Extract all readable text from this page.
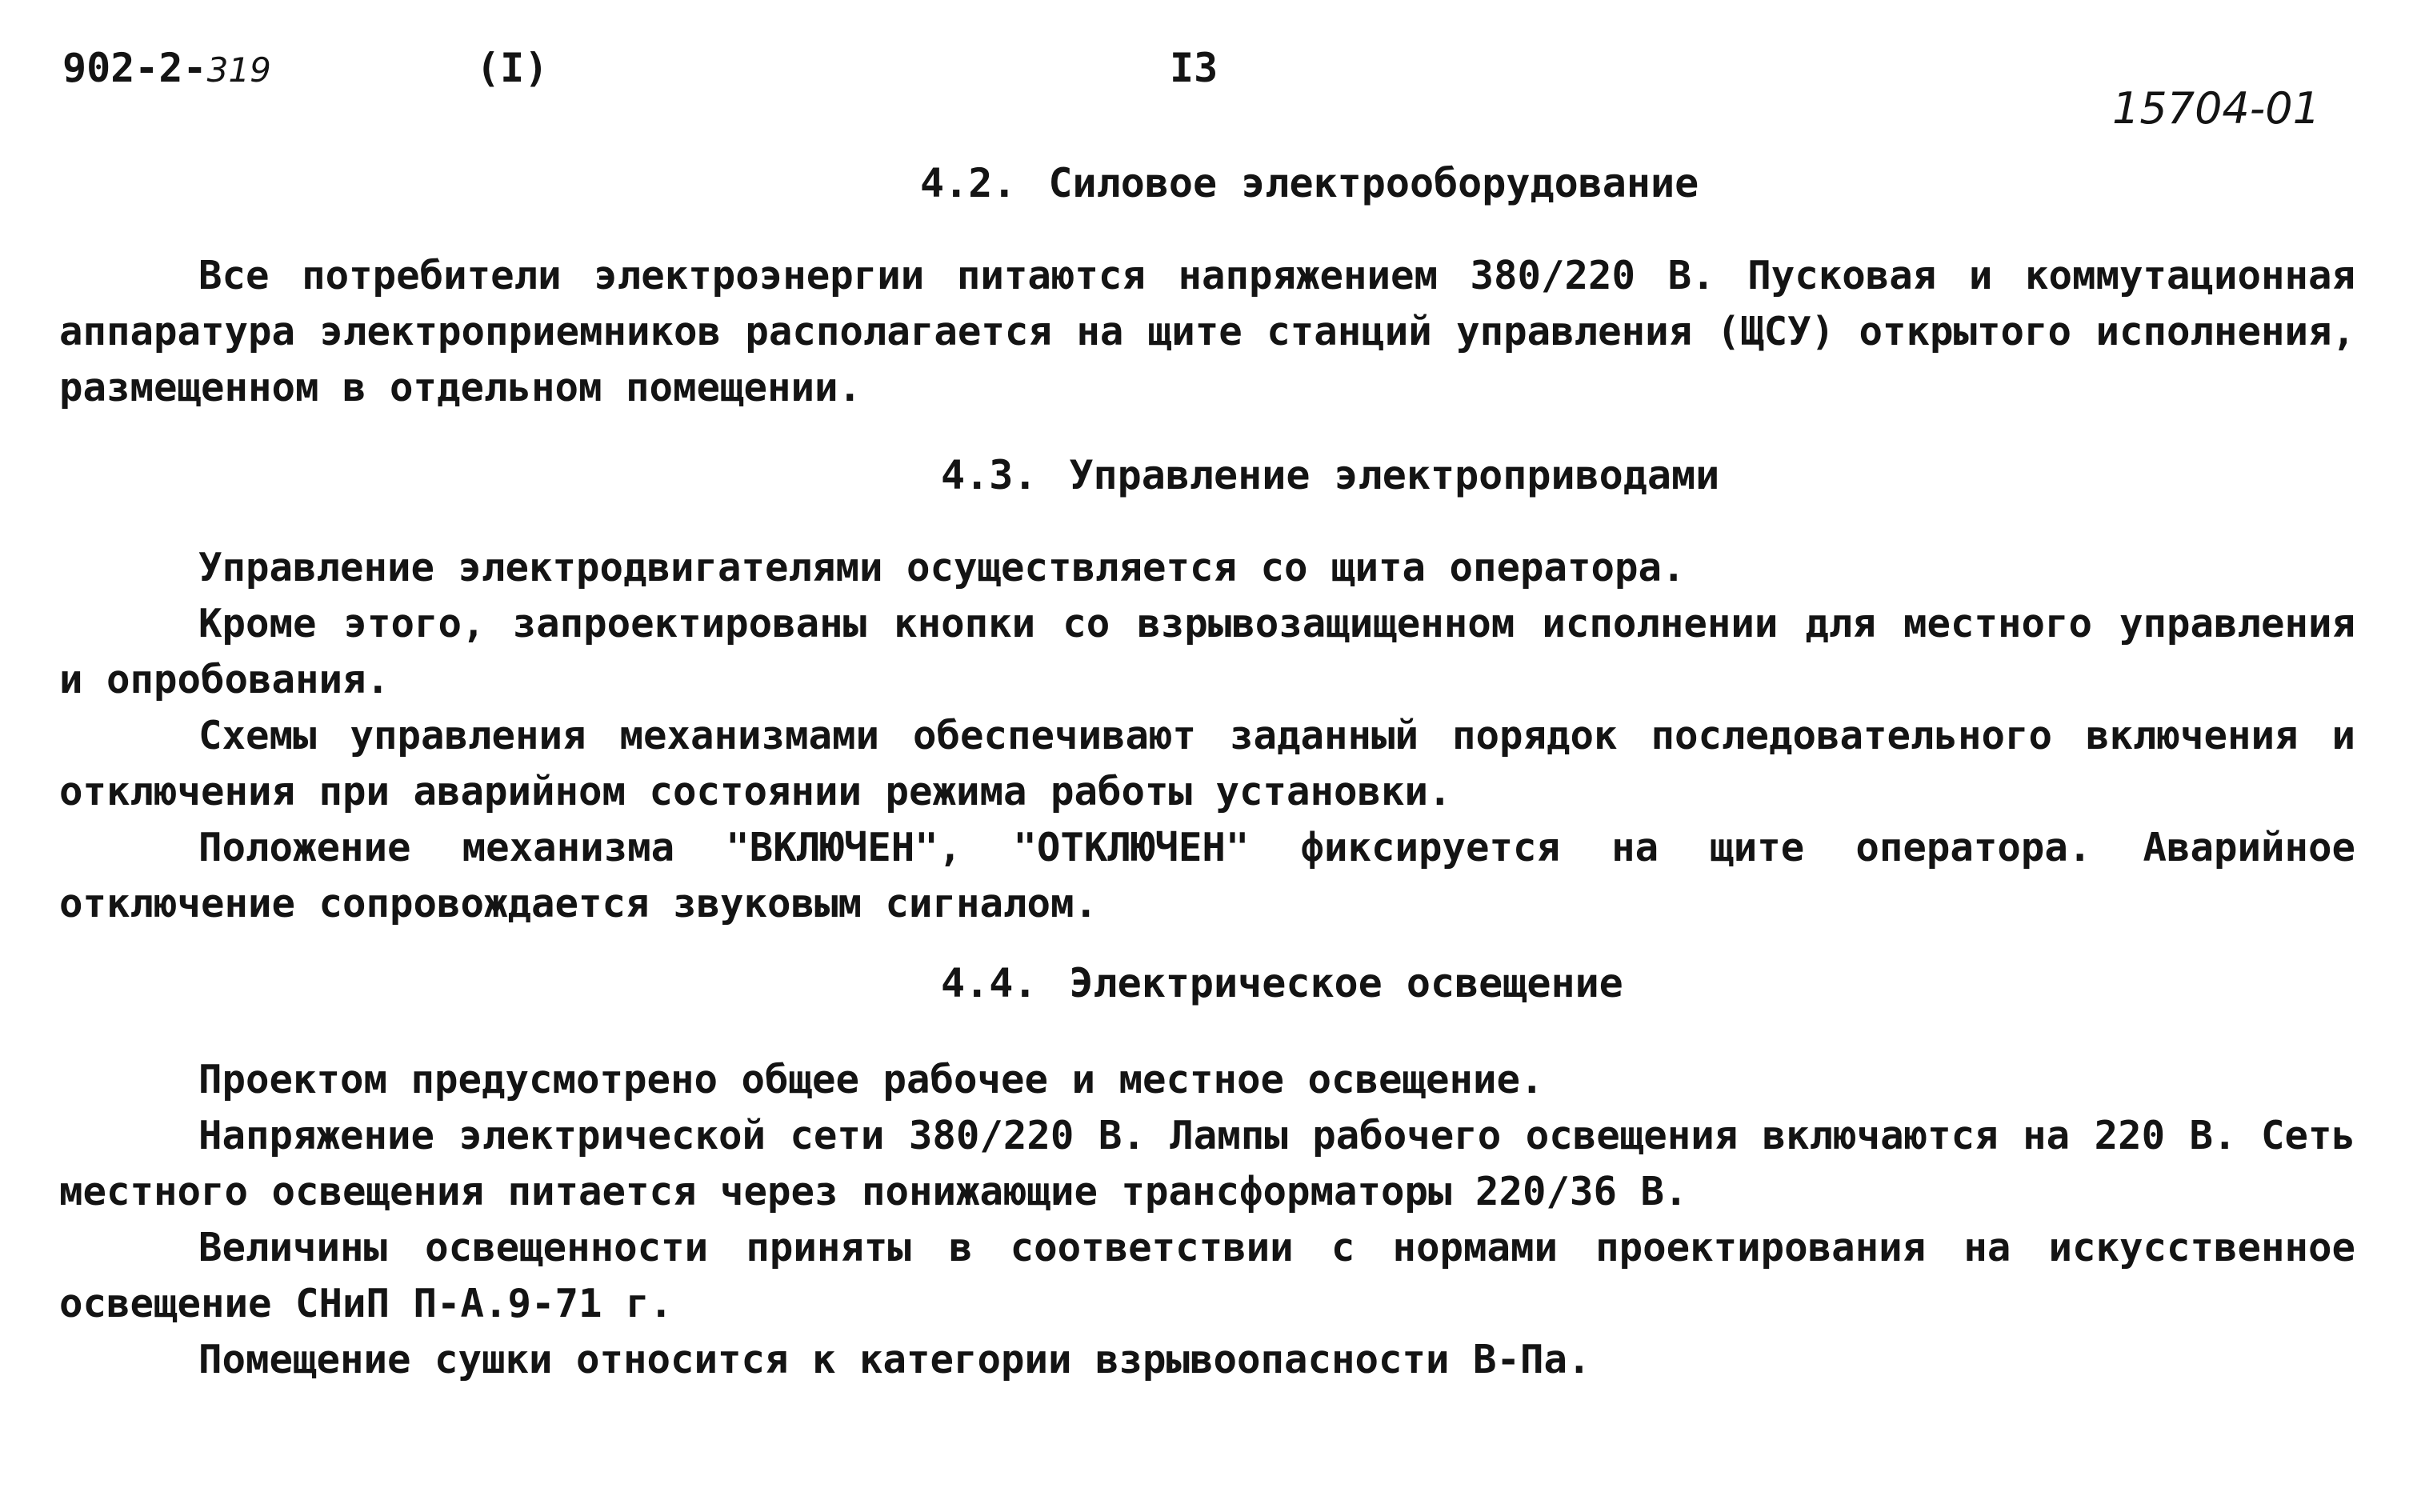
902-2-319	(I)	I3
15704-01
4.2. Силовое электрооборудование

Все потребители электроэнергии питаются напряжением 380/220 В. Пусковая и коммутационная аппаратура электроприемников располагается на щите станций управления (ЩСУ) открытого исполнения, размещенном в отдельном помещении.

4.3. Управление электроприводами

Управление электродвигателями осуществляется со щита оператора.

Кроме этого, запроектированы кнопки со взрывозащищенном исполнении для местного управления и опробования.

Схемы управления механизмами обеспечивают заданный порядок последовательного включения и отключения при аварийном состоянии режима работы установки.

Положение механизма "ВКЛЮЧЕН", "ОТКЛЮЧЕН" фиксируется на щите оператора. Аварийное отключение сопровождается звуковым сигналом.

4.4. Электрическое освещение

Проектом предусмотрено общее рабочее и местное освещение.

Напряжение электрической сети 380/220 В. Лампы рабочего освещения включаются на 220 В. Сеть местного освещения питается через понижающие трансформаторы 220/36 В.

Величины освещенности приняты в соответствии с нормами проектирования на искусственное освещение СНиП П-А.9-71 г.

Помещение сушки относится к категории взрывоопасности В-Па.
